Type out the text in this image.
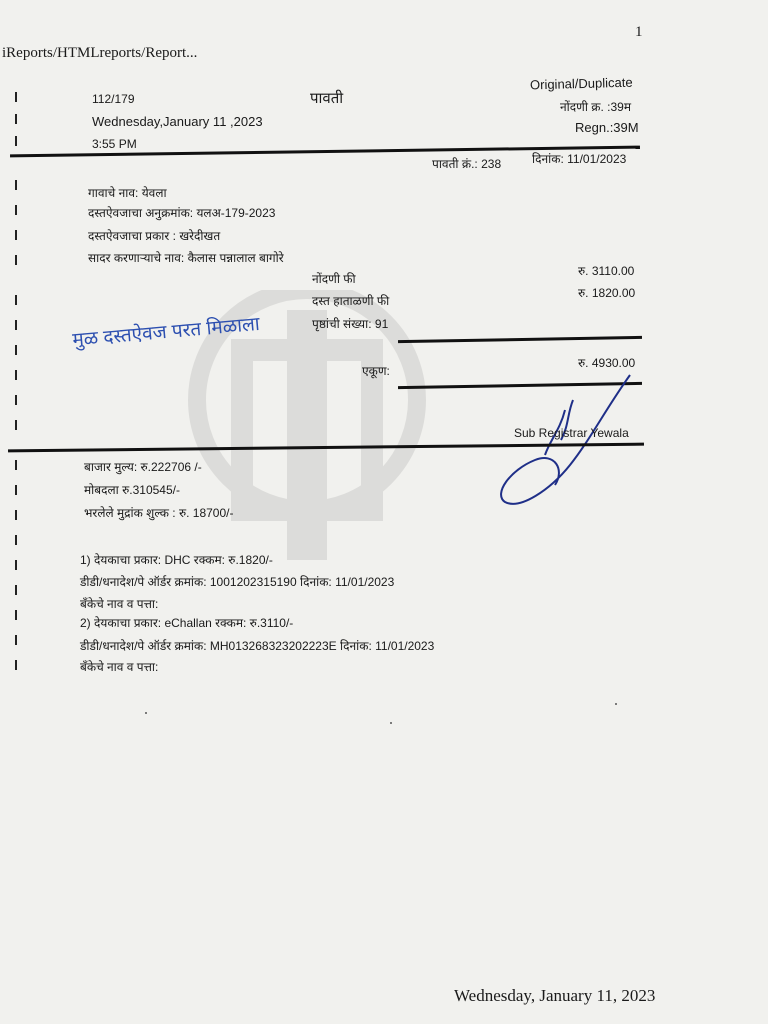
1
iReports/HTMLreports/Report...
112/179	पावती
Original/Duplicate
नोंदणी क्र. :39म
Regn.:39M
Wednesday,January 11 ,2023
3:55 PM
पावती क्रं.: 238	दिनांक: 11/01/2023
गावाचे नाव: येवला
दस्तऐवजाचा अनुक्रमांक: यलअ-179-2023
दस्तऐवजाचा प्रकार : खरेदीखत
सादर करणाऱ्याचे नाव: कैलास पन्नालाल बागोरे
नोंदणी फी
रु. 3110.00
दस्त हाताळणी फी
रु. 1820.00
पृष्ठांची संख्या: 91
एकूण:
रु. 4930.00
मुळ दस्तऐवज परत मिळाला
Sub Registrar Yewala
बाजार मुल्य: रु.222706 /-
मोबदला रु.310545/-
भरलेले मुद्रांक शुल्क : रु. 18700/-
1) देयकाचा प्रकार: DHC रक्कम: रु.1820/-
डीडी/धनादेश/पे ऑर्डर क्रमांक: 1001202315190 दिनांक: 11/01/2023
बँकेचे नाव व पत्ता:
2) देयकाचा प्रकार: eChallan रक्कम: रु.3110/-
डीडी/धनादेश/पे ऑर्डर क्रमांक: MH013268323202223E दिनांक: 11/01/2023
बँकेचे नाव व पत्ता:
Wednesday, January 11, 2023
